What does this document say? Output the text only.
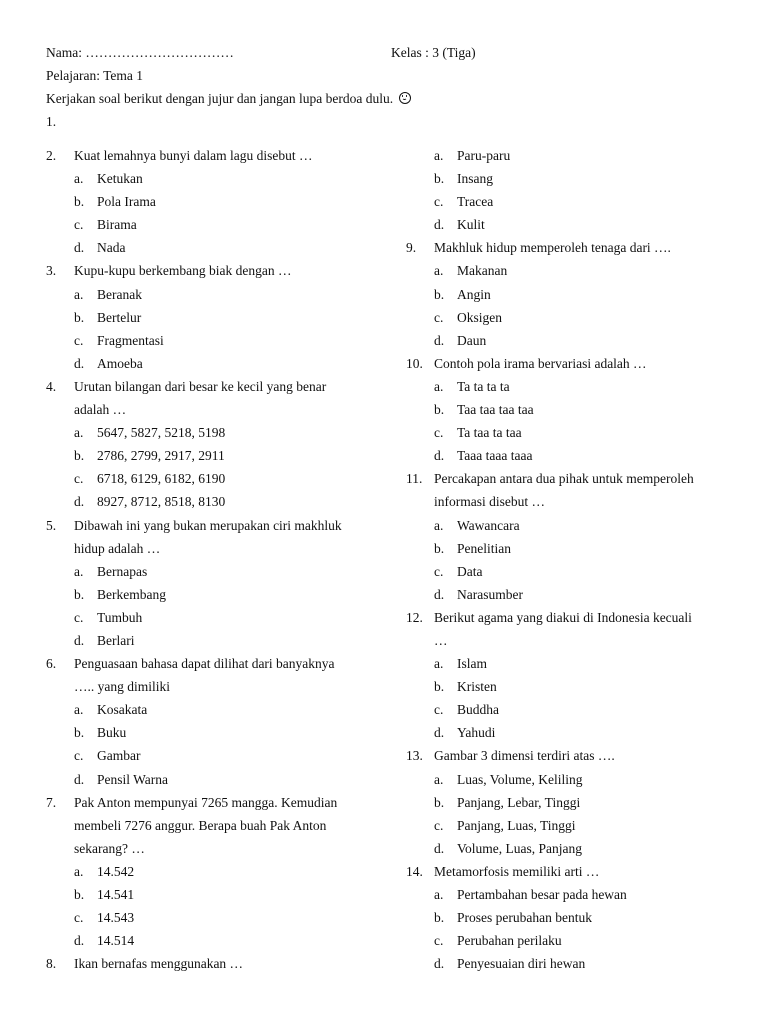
Nama: ……………………………	Kelas : 3 (Tiga)
Pelajaran: Tema 1
Kerjakan soal berikut dengan jujur dan jangan lupa berdoa dulu.
1.
2. Kuat lemahnya bunyi dalam lagu disebut …
a. Ketukan
b. Pola Irama
c. Birama
d. Nada
3. Kupu-kupu berkembang biak dengan …
a. Beranak
b. Bertelur
c. Fragmentasi
d. Amoeba
4. Urutan bilangan dari besar ke kecil yang benar
adalah …
a. 5647, 5827, 5218, 5198
b. 2786, 2799, 2917, 2911
c. 6718, 6129, 6182, 6190
d. 8927, 8712, 8518, 8130
5. Dibawah ini yang bukan merupakan ciri makhluk
hidup adalah …
a. Bernapas
b. Berkembang
c. Tumbuh
d. Berlari
6. Penguasaan bahasa dapat dilihat dari banyaknya
….. yang dimiliki
a. Kosakata
b. Buku
c. Gambar
d. Pensil Warna
7. Pak Anton mempunyai 7265 mangga. Kemudian
membeli 7276 anggur. Berapa buah Pak Anton
sekarang? …
a. 14.542
b. 14.541
c. 14.543
d. 14.514
8. Ikan bernafas menggunakan …
a. Paru-paru
b. Insang
c. Tracea
d. Kulit
9. Makhluk hidup memperoleh tenaga dari ….
a. Makanan
b. Angin
c. Oksigen
d. Daun
10. Contoh pola irama bervariasi adalah …
a. Ta ta ta ta
b. Taa taa taa taa
c. Ta taa ta taa
d. Taaa taaa taaa
11. Percakapan antara dua pihak untuk memperoleh
informasi disebut …
a. Wawancara
b. Penelitian
c. Data
d. Narasumber
12. Berikut agama yang diakui di Indonesia kecuali
…
a. Islam
b. Kristen
c. Buddha
d. Yahudi
13. Gambar 3 dimensi terdiri atas ….
a. Luas, Volume, Keliling
b. Panjang, Lebar, Tinggi
c. Panjang, Luas, Tinggi
d. Volume, Luas, Panjang
14. Metamorfosis memiliki arti …
a. Pertambahan besar pada hewan
b. Proses perubahan bentuk
c. Perubahan perilaku
d. Penyesuaian diri hewan
